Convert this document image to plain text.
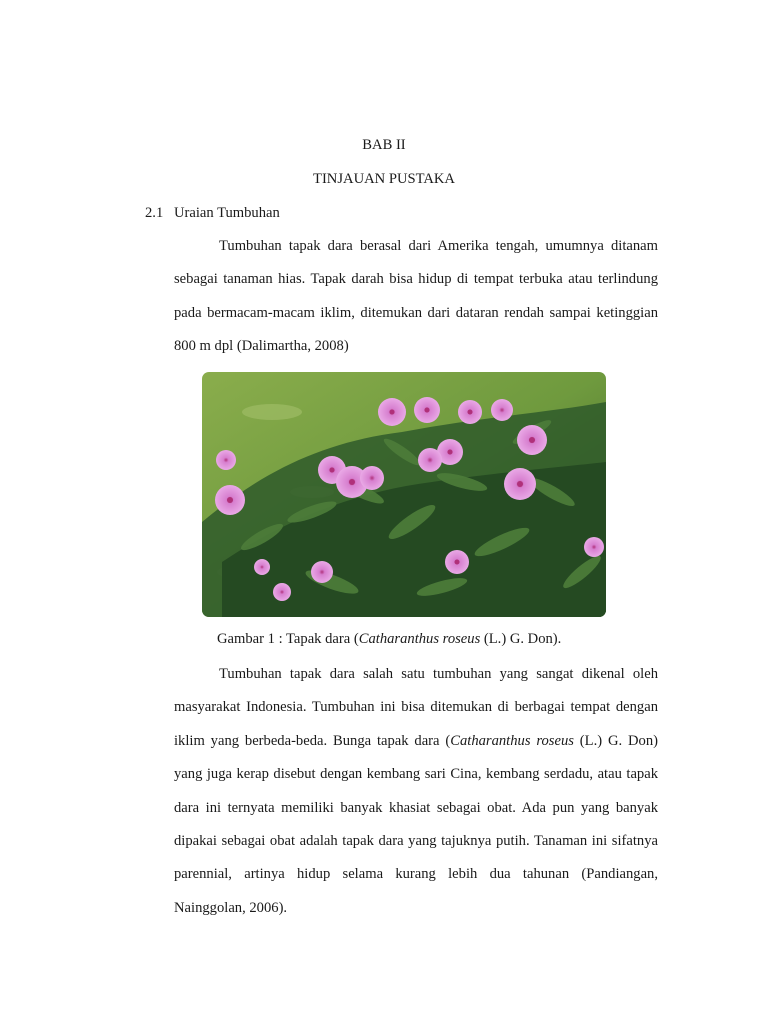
BAB II
TINJAUAN PUSTAKA
2.1 Uraian Tumbuhan

Tumbuhan tapak dara berasal dari Amerika tengah, umumnya ditanam sebagai tanaman hias. Tapak darah bisa hidup di tempat terbuka atau terlindung pada bermacam-macam iklim, ditemukan dari dataran rendah sampai ketinggian 800 m dpl (Dalimartha, 2008)

Gambar 1 : Tapak dara (Catharanthus roseus (L.) G. Don).

Tumbuhan tapak dara salah satu tumbuhan yang sangat dikenal oleh masyarakat Indonesia. Tumbuhan ini bisa ditemukan di berbagai tempat dengan iklim yang berbeda-beda. Bunga tapak dara (Catharanthus roseus (L.) G. Don) yang juga kerap disebut dengan kembang sari Cina, kembang serdadu, atau tapak dara ini ternyata memiliki banyak khasiat sebagai obat. Ada pun yang banyak dipakai sebagai obat adalah tapak dara yang tajuknya putih. Tanaman ini sifatnya parennial, artinya hidup selama kurang lebih dua tahunan (Pandiangan, Nainggolan, 2006).
